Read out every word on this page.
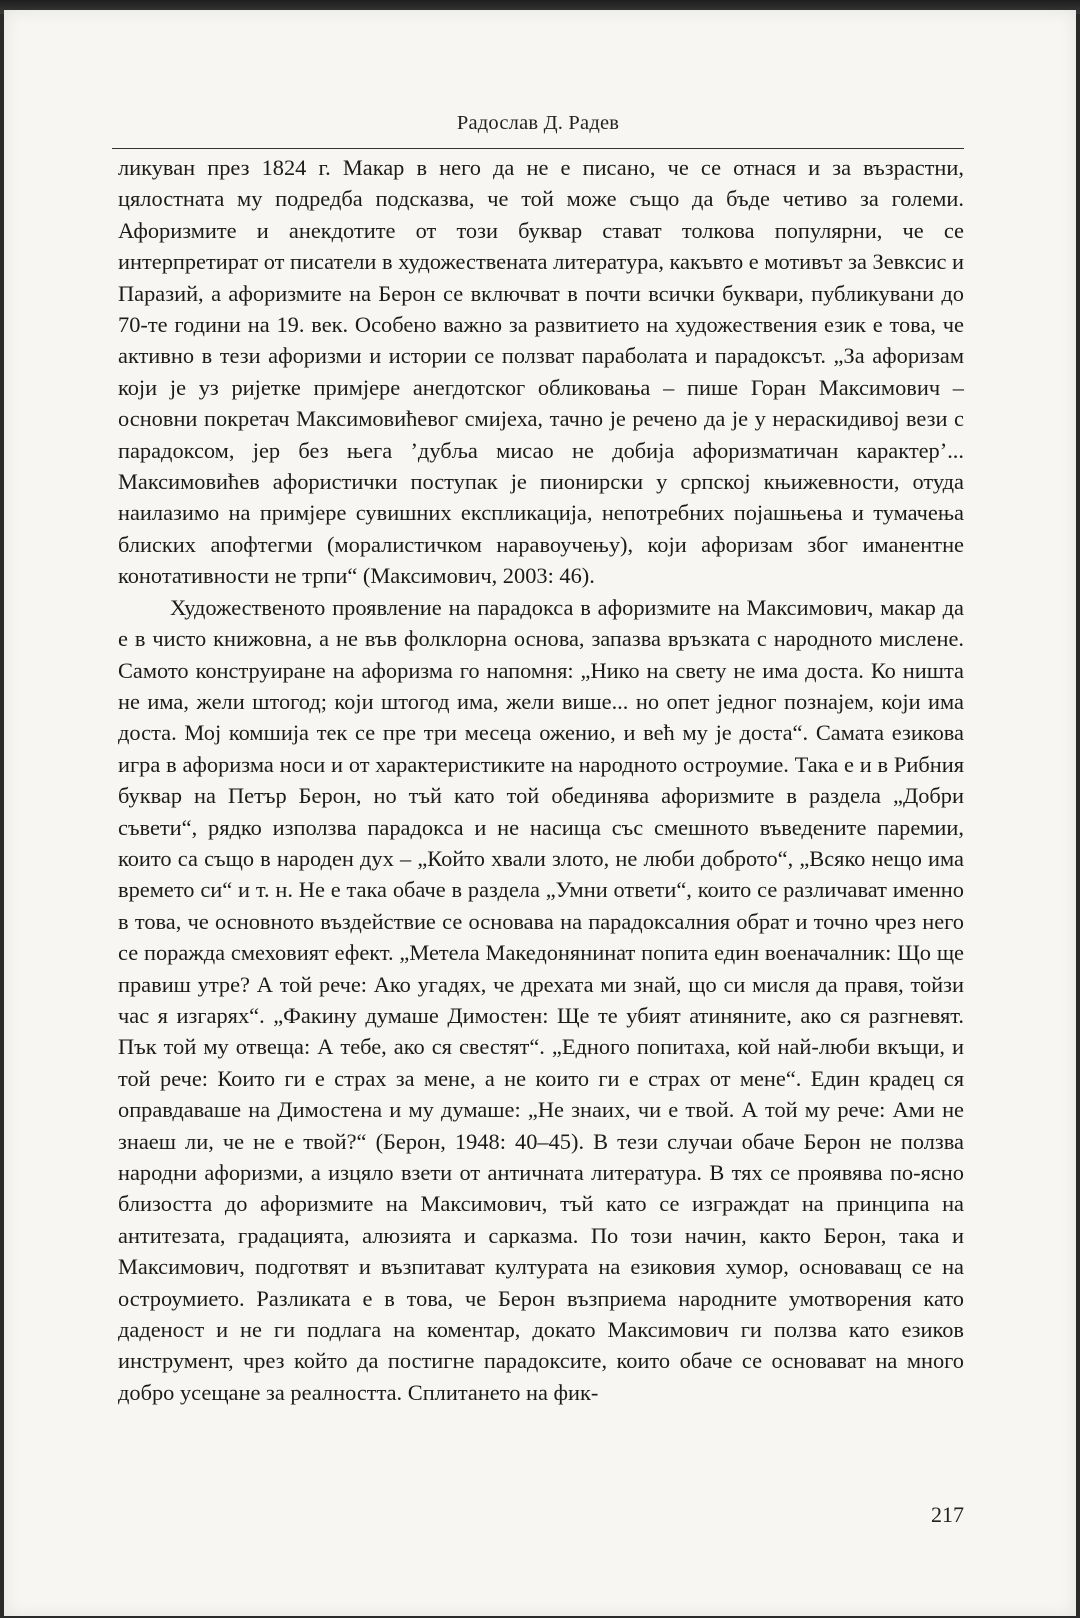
Радослав Д. Радев

ликуван през 1824 г. Макар в него да не е писано, че се отнася и за възрастни, цялостната му подредба подсказва, че той може също да бъде четиво за големи. Афоризмите и анекдотите от този буквар стават толкова популярни, че се интерпретират от писатели в художествената литература, какъвто е мотивът за Зевксис и Паразий, а афоризмите на Берон се включват в почти всички буквари, публикувани до 70-те години на 19. век. Особено важно за развитието на художествения език е това, че активно в тези афоризми и истории се ползват параболата и парадоксът. „За афоризам који је уз ријетке примјере анегдотског обликовања – пише Горан Максимович – основни покретач Максимовићевог смијеха, тачно је речено да је у нераскидивој вези с парадоксом, јер без њега ’дубља мисао не добија афоризматичан карактер’... Максимовићев афористички поступак је пионирски у српској књижевности, отуда наилазимо на примјере сувишних експликација, непотребних појашњења и тумачења блиских апофтегми (моралистичком наравоучењу), који афоризам због иманентне конотативности не трпи“ (Максимович, 2003: 46).

Художественото проявление на парадокса в афоризмите на Максимович, макар да е в чисто книжовна, а не във фолклорна основа, запазва връзката с народното мислене. Самото конструиране на афоризма го напомня: „Нико на свету не има доста. Ко ништа не има, жели штогод; који штогод има, жели више... но опет једног познајем, који има доста. Мој комшија тек се пре три месеца оженио, и већ му је доста“. Самата езикова игра в афоризма носи и от характеристиките на народното остроумие. Така е и в Рибния буквар на Петър Берон, но тъй като той обединява афоризмите в раздела „Добри съвети“, рядко използва парадокса и не насища със смешното въведените паремии, които са също в народен дух – „Който хвали злото, не люби доброто“, „Всяко нещо има времето си“ и т. н. Не е така обаче в раздела „Умни ответи“, които се различават именно в това, че основното въздействие се основава на парадоксалния обрат и точно чрез него се поражда смеховият ефект. „Метела Македонянинат попита един военачалник: Що ще правиш утре? А той рече: Ако угадях, че дрехата ми знай, що си мисля да правя, тойзи час я изгарях“. „Факину думаше Димостен: Ще те убият атиняните, ако ся разгневят. Пък той му отвеща: А тебе, ако ся свестят“. „Едного попитаха, кой най-люби вкъщи, и той рече: Които ги е страх за мене, а не които ги е страх от мене“. Един крадец ся оправдаваше на Димостена и му думаше: „Не знаих, чи е твой. А той му рече: Ами не знаеш ли, че не е твой?“ (Берон, 1948: 40–45). В тези случаи обаче Берон не ползва народни афоризми, а изцяло взети от античната литература. В тях се проявява по-ясно близостта до афоризмите на Максимович, тъй като се изграждат на принципа на антитезата, градацията, алюзията и сарказма. По този начин, както Берон, така и Максимович, подготвят и възпитават културата на езиковия хумор, основаващ се на остроумието. Разликата е в това, че Берон възприема народните умотворения като даденост и не ги подлага на коментар, докато Максимович ги ползва като езиков инструмент, чрез който да постигне парадоксите, които обаче се основават на много добро усещане за реалността. Сплитането на фик-

217
